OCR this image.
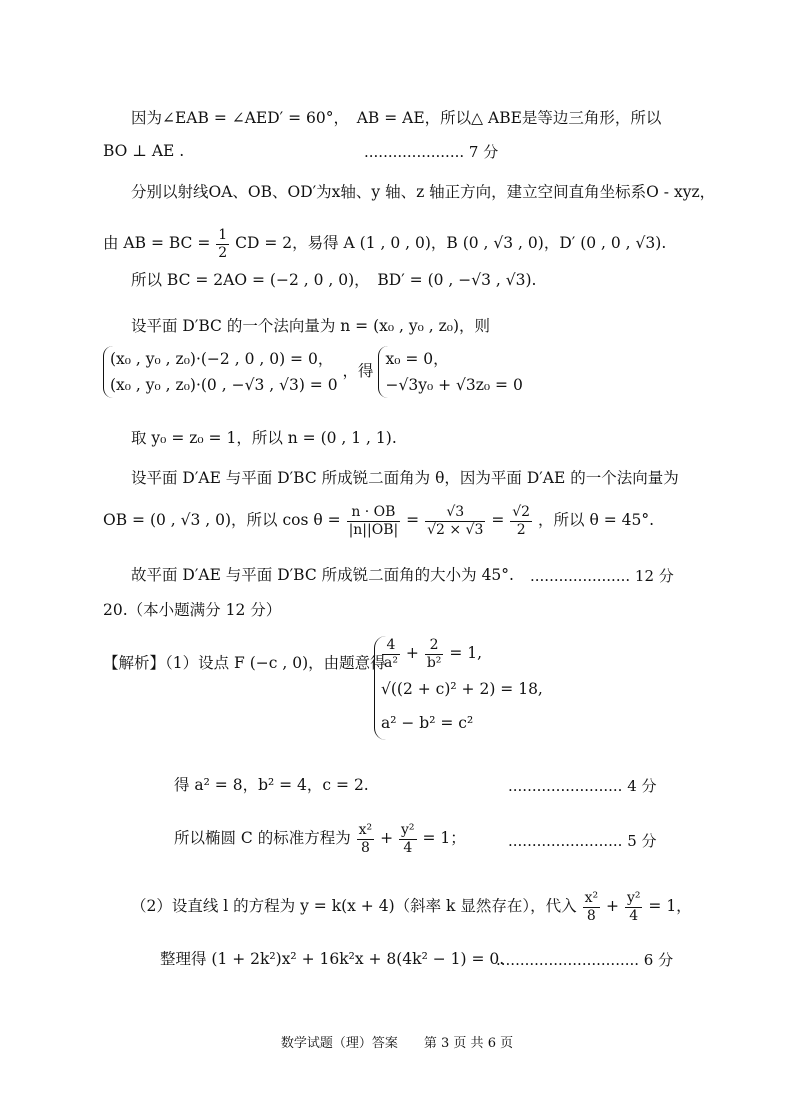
因为∠EAB = ∠AED′ = 60°，　AB = AE，所以△ ABE是等边三角形，所以
BO ⊥ AE .	..................... 7 分
分别以射线OA、OB、OD′为x轴、y 轴、z 轴正方向，建立空间直角坐标系O - xyz，
由 AB = BC = $\frac{1}{2}$ CD = 2，易得 A (1 , 0 , 0)，B (0 , √3 , 0)，D′ (0 , 0 , √3).
所以 BC = 2AO = (−2 , 0 , 0)，　BD′ = (0 , −√3 , √3).
设平面 D′BC 的一个法向量为 n = (x₀ , y₀ , z₀)，则
(x₀ , y₀ , z₀)·(−2 , 0 , 0) = 0，
(x₀ , y₀ , z₀)·(0 , −√3 , √3) = 0
，得
x₀ = 0，
−√3y₀ + √3z₀ = 0
取 y₀ = z₀ = 1，所以 n = (0 , 1 , 1).
设平面 D′AE 与平面 D′BC 所成锐二面角为 θ，因为平面 D′AE 的一个法向量为
OB = (0 , √3 , 0)，所以 $\cos \theta = \frac{n \cdot OB}{|n||OB|} = \frac{√3}{√2 \times √3} = \frac{√2}{2}$ ，所以 θ = 45°.
故平面 D′AE 与平面 D′BC 所成锐二面角的大小为 45°. ..................... 12 分
20.（本小题满分 12 分）
【解析】（1）设点 F (−c , 0)，由题意得
$\frac{4}{\text{a²}} + \frac{2}{\text{b²}} = 1$,
√((2 + c)² + 2) = 18,
a² − b² = c²
得 a² = 8，b² = 4，c = 2.	........................ 4 分
所以椭圆 C 的标准方程为 $\frac{\text{x²}}{8} + \frac{\text{y²}}{4} = 1$；	........................ 5 分
（2）设直线 l 的方程为 y = k(x + 4)（斜率 k 显然存在），代入 $\frac{\text{x²}}{8} + \frac{\text{y²}}{4} = 1$，
整理得 (1 + 2k²)x² + 16k²x + 8(4k² − 1) = 0.
.............................. 6 分
数学试题（理）答案　　第 3 页 共 6 页
